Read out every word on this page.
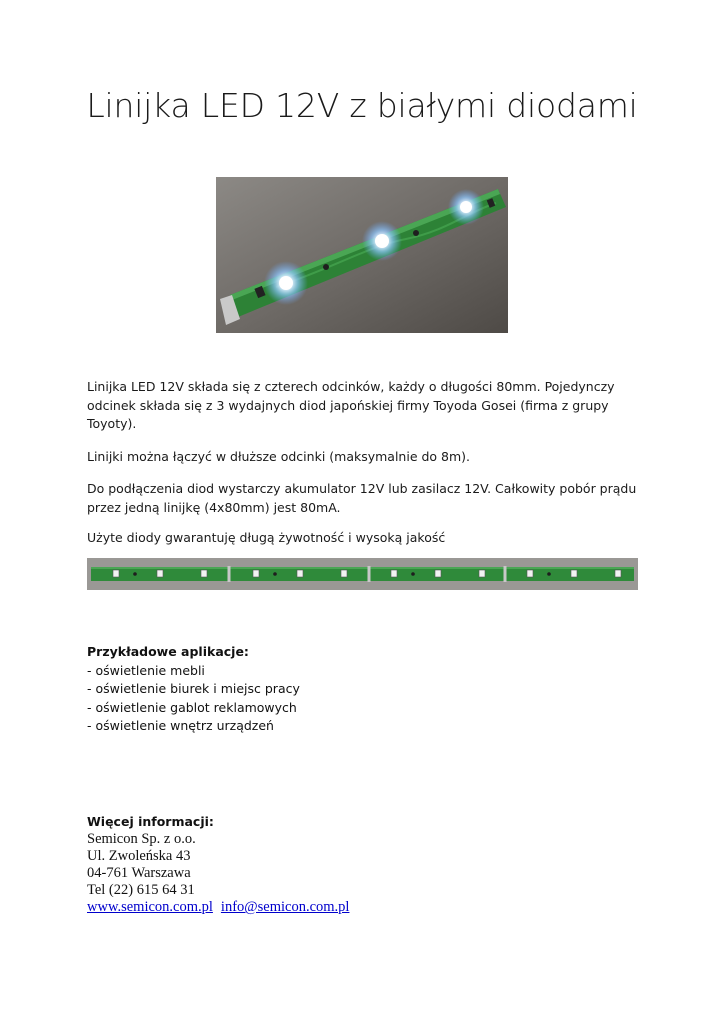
Linijka LED 12V z białymi diodami

Linijka LED 12V składa się z czterech odcinków, każdy o długości 80mm. Pojedynczy odcinek składa się z 3 wydajnych diod japońskiej firmy Toyoda Gosei (firma z grupy Toyoty).

Linijki można łączyć w dłuższe odcinki (maksymalnie do 8m).

Do podłączenia diod wystarczy akumulator 12V lub zasilacz 12V. Całkowity pobór prądu przez jedną linijkę (4x80mm) jest 80mA.

Użyte diody gwarantuję długą żywotność i wysoką jakość

Przykładowe aplikacje:
- oświetlenie mebli
- oświetlenie biurek i miejsc pracy
- oświetlenie gablot reklamowych
- oświetlenie wnętrz urządzeń
Więcej informacji:
Semicon Sp. z o.o.
Ul. Zwoleńska 43
04-761 Warszawa
Tel (22) 615 64 31
www.semicon.com.pl info@semicon.com.pl
